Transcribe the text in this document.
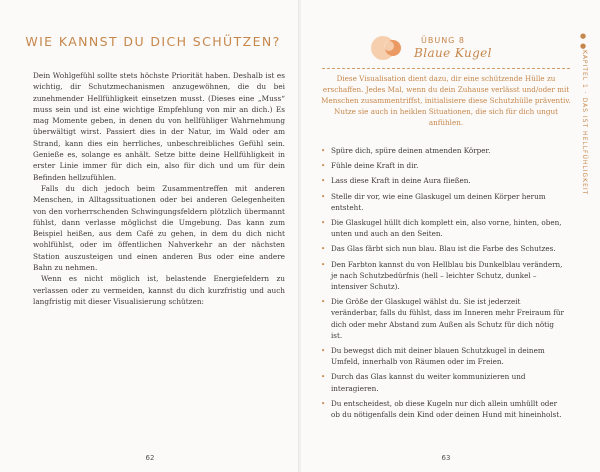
WIE KANNST DU DICH SCHÜTZEN?

Dein Wohlgefühl sollte stets höchste Priorität haben. Deshalb ist es wichtig, dir Schutzmechanismen anzugewöhnen, die du bei zunehmender Hellfühligkeit einsetzen musst. (Dieses eine „Muss“ muss sein und ist eine wichtige Empfehlung von mir an dich.) Es mag Momente geben, in denen du von hellfühliger Wahrnehmung überwältigt wirst. Passiert dies in der Natur, im Wald oder am Strand, kann dies ein herrliches, unbeschreibliches Gefühl sein. Genieße es, solange es anhält. Setze bitte deine Hellfühligkeit in erster Linie immer für dich ein, also für dich und um für dein Befinden hellzufühlen.

Falls du dich jedoch beim Zusammentreffen mit anderen Menschen, in Alltagssituationen oder bei anderen Gelegenheiten von den vorherrschenden Schwingungsfeldern plötzlich übermannt fühlst, dann verlasse möglichst die Umgebung. Das kann zum Beispiel heißen, aus dem Café zu gehen, in dem du dich nicht wohlfühlst, oder im öffentlichen Nahverkehr an der nächsten Station auszusteigen und einen anderen Bus oder eine andere Bahn zu nehmen.

Wenn es nicht möglich ist, belastende Energiefeldern zu verlassen oder zu vermeiden, kannst du dich kurzfristig und auch langfristig mit dieser Visualisierung schützen:

62
ÜBUNG 8
Blaue Kugel
Diese Visualisation dient dazu, dir eine schützende Hülle zu erschaffen. Jedes Mal, wenn du dein Zuhause verlässt und/oder mit Menschen zusammentriffst, initialisiere diese Schutzhülle präventiv. Nutze sie auch in heiklen Situationen, die sich für dich ungut anfühlen.
• Spüre dich, spüre deinen atmenden Körper.
• Fühle deine Kraft in dir.
• Lass diese Kraft in deine Aura fließen.
• Stelle dir vor, wie eine Glaskugel um deinen Körper herum entsteht.
• Die Glaskugel hüllt dich komplett ein, also vorne, hinten, oben, unten und auch an den Seiten.
• Das Glas färbt sich nun blau. Blau ist die Farbe des Schutzes.
• Den Farbton kannst du von Hellblau bis Dunkelblau verändern, je nach Schutzbedürfnis (hell – leichter Schutz, dunkel – intensiver Schutz).
• Die Größe der Glaskugel wählst du. Sie ist jederzeit veränderbar, falls du fühlst, dass im Inneren mehr Freiraum für dich oder mehr Abstand zum Außen als Schutz für dich nötig ist.
• Du bewegst dich mit deiner blauen Schutzkugel in deinem Umfeld, innerhalb von Räumen oder im Freien.
• Durch das Glas kannst du weiter kommunizieren und interagieren.
• Du entscheidest, ob diese Kugeln nur dich allein umhüllt oder ob du nötigenfalls dein Kind oder deinen Hund mit hineinholst.
63
● ●
KAPITEL 1 · DAS IST HELLFÜHLIGKEIT
